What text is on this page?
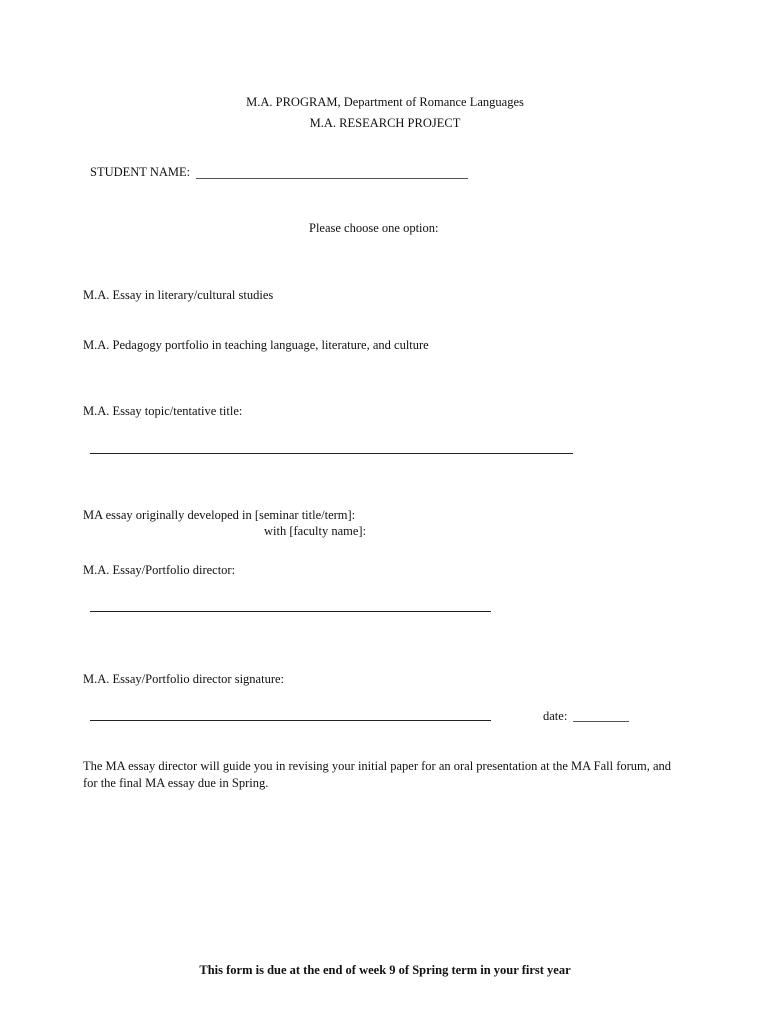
M.A. PROGRAM, Department of Romance Languages
M.A. RESEARCH PROJECT
STUDENT NAME:
Please choose one option:
M.A. Essay in literary/cultural studies
M.A. Pedagogy portfolio in teaching language, literature, and culture
M.A. Essay topic/tentative title:
MA essay originally developed in [seminar title/term]:
with [faculty name]:
M.A. Essay/Portfolio director:
M.A. Essay/Portfolio director signature:
date:
The MA essay director will guide you in revising your initial paper for an oral presentation at the MA Fall forum, and for the final MA essay due in Spring.
This form is due at the end of week 9 of Spring term in your first year
